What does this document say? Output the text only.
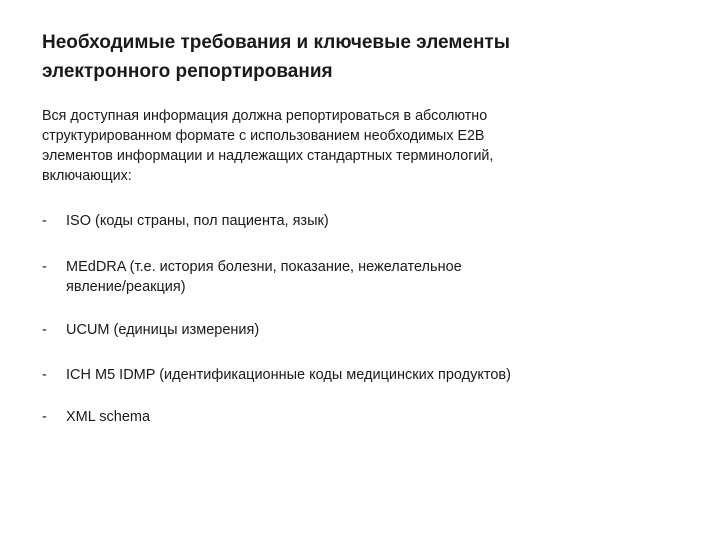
Необходимые требования и ключевые элементы
электронного репортирования
Вся доступная информация должна репортироваться в абсолютно
структурированном формате с использованием необходимых E2B
элементов информации и надлежащих стандартных терминологий,
включающих:
-	ISO (коды страны, пол пациента, язык)
-	MEdDRA (т.е. история болезни, показание, нежелательное
явление/реакция)
-	UCUM (единицы измерения)
-	ICH M5 IDMP (идентификационные коды медицинских продуктов)
-	XML schema
